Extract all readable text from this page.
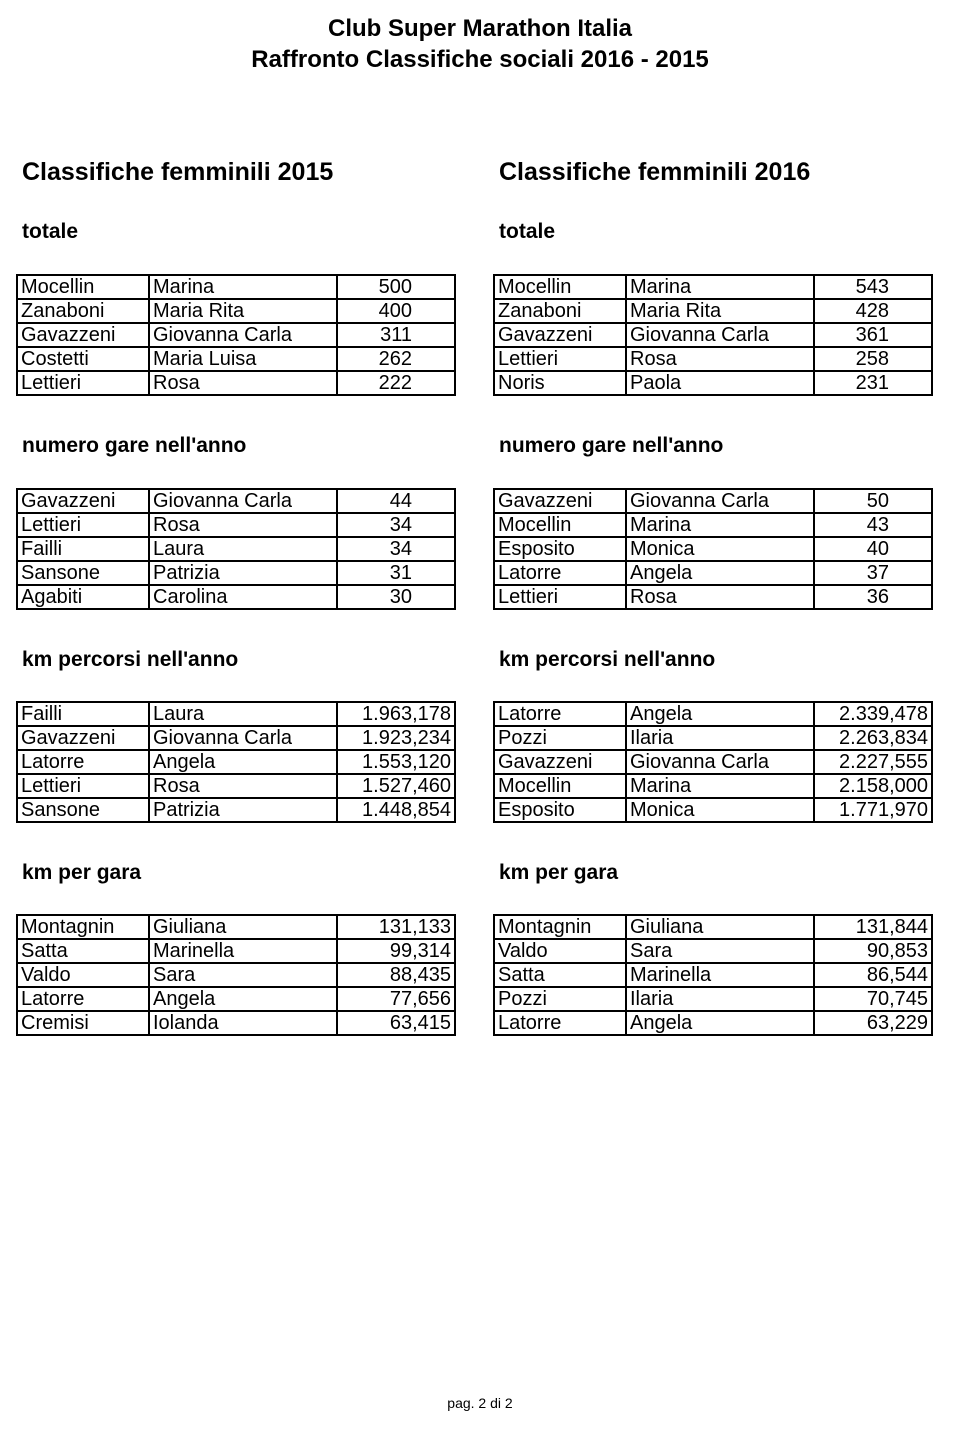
Club Super Marathon Italia
Raffronto Classifiche sociali 2016 - 2015
Classifiche femminili 2015
totale
Mocellin	Marina	500
Zanaboni	Maria Rita	400
Gavazzeni	Giovanna Carla	311
Costetti	Maria Luisa	262
Lettieri	Rosa	222
numero gare nell'anno
Gavazzeni	Giovanna Carla	44
Lettieri	Rosa	34
Failli	Laura	34
Sansone	Patrizia	31
Agabiti	Carolina	30
km percorsi nell'anno
Failli	Laura	1.963,178
Gavazzeni	Giovanna Carla	1.923,234
Latorre	Angela	1.553,120
Lettieri	Rosa	1.527,460
Sansone	Patrizia	1.448,854
km per gara
Montagnin	Giuliana	131,133
Satta	Marinella	99,314
Valdo	Sara	88,435
Latorre	Angela	77,656
Cremisi	Iolanda	63,415
Classifiche femminili 2016
totale
Mocellin	Marina	543
Zanaboni	Maria Rita	428
Gavazzeni	Giovanna Carla	361
Lettieri	Rosa	258
Noris	Paola	231
numero gare nell'anno
Gavazzeni	Giovanna Carla	50
Mocellin	Marina	43
Esposito	Monica	40
Latorre	Angela	37
Lettieri	Rosa	36
km percorsi nell'anno
Latorre	Angela	2.339,478
Pozzi	Ilaria	2.263,834
Gavazzeni	Giovanna Carla	2.227,555
Mocellin	Marina	2.158,000
Esposito	Monica	1.771,970
km per gara
Montagnin	Giuliana	131,844
Valdo	Sara	90,853
Satta	Marinella	86,544
Pozzi	Ilaria	70,745
Latorre	Angela	63,229
pag. 2 di 2
